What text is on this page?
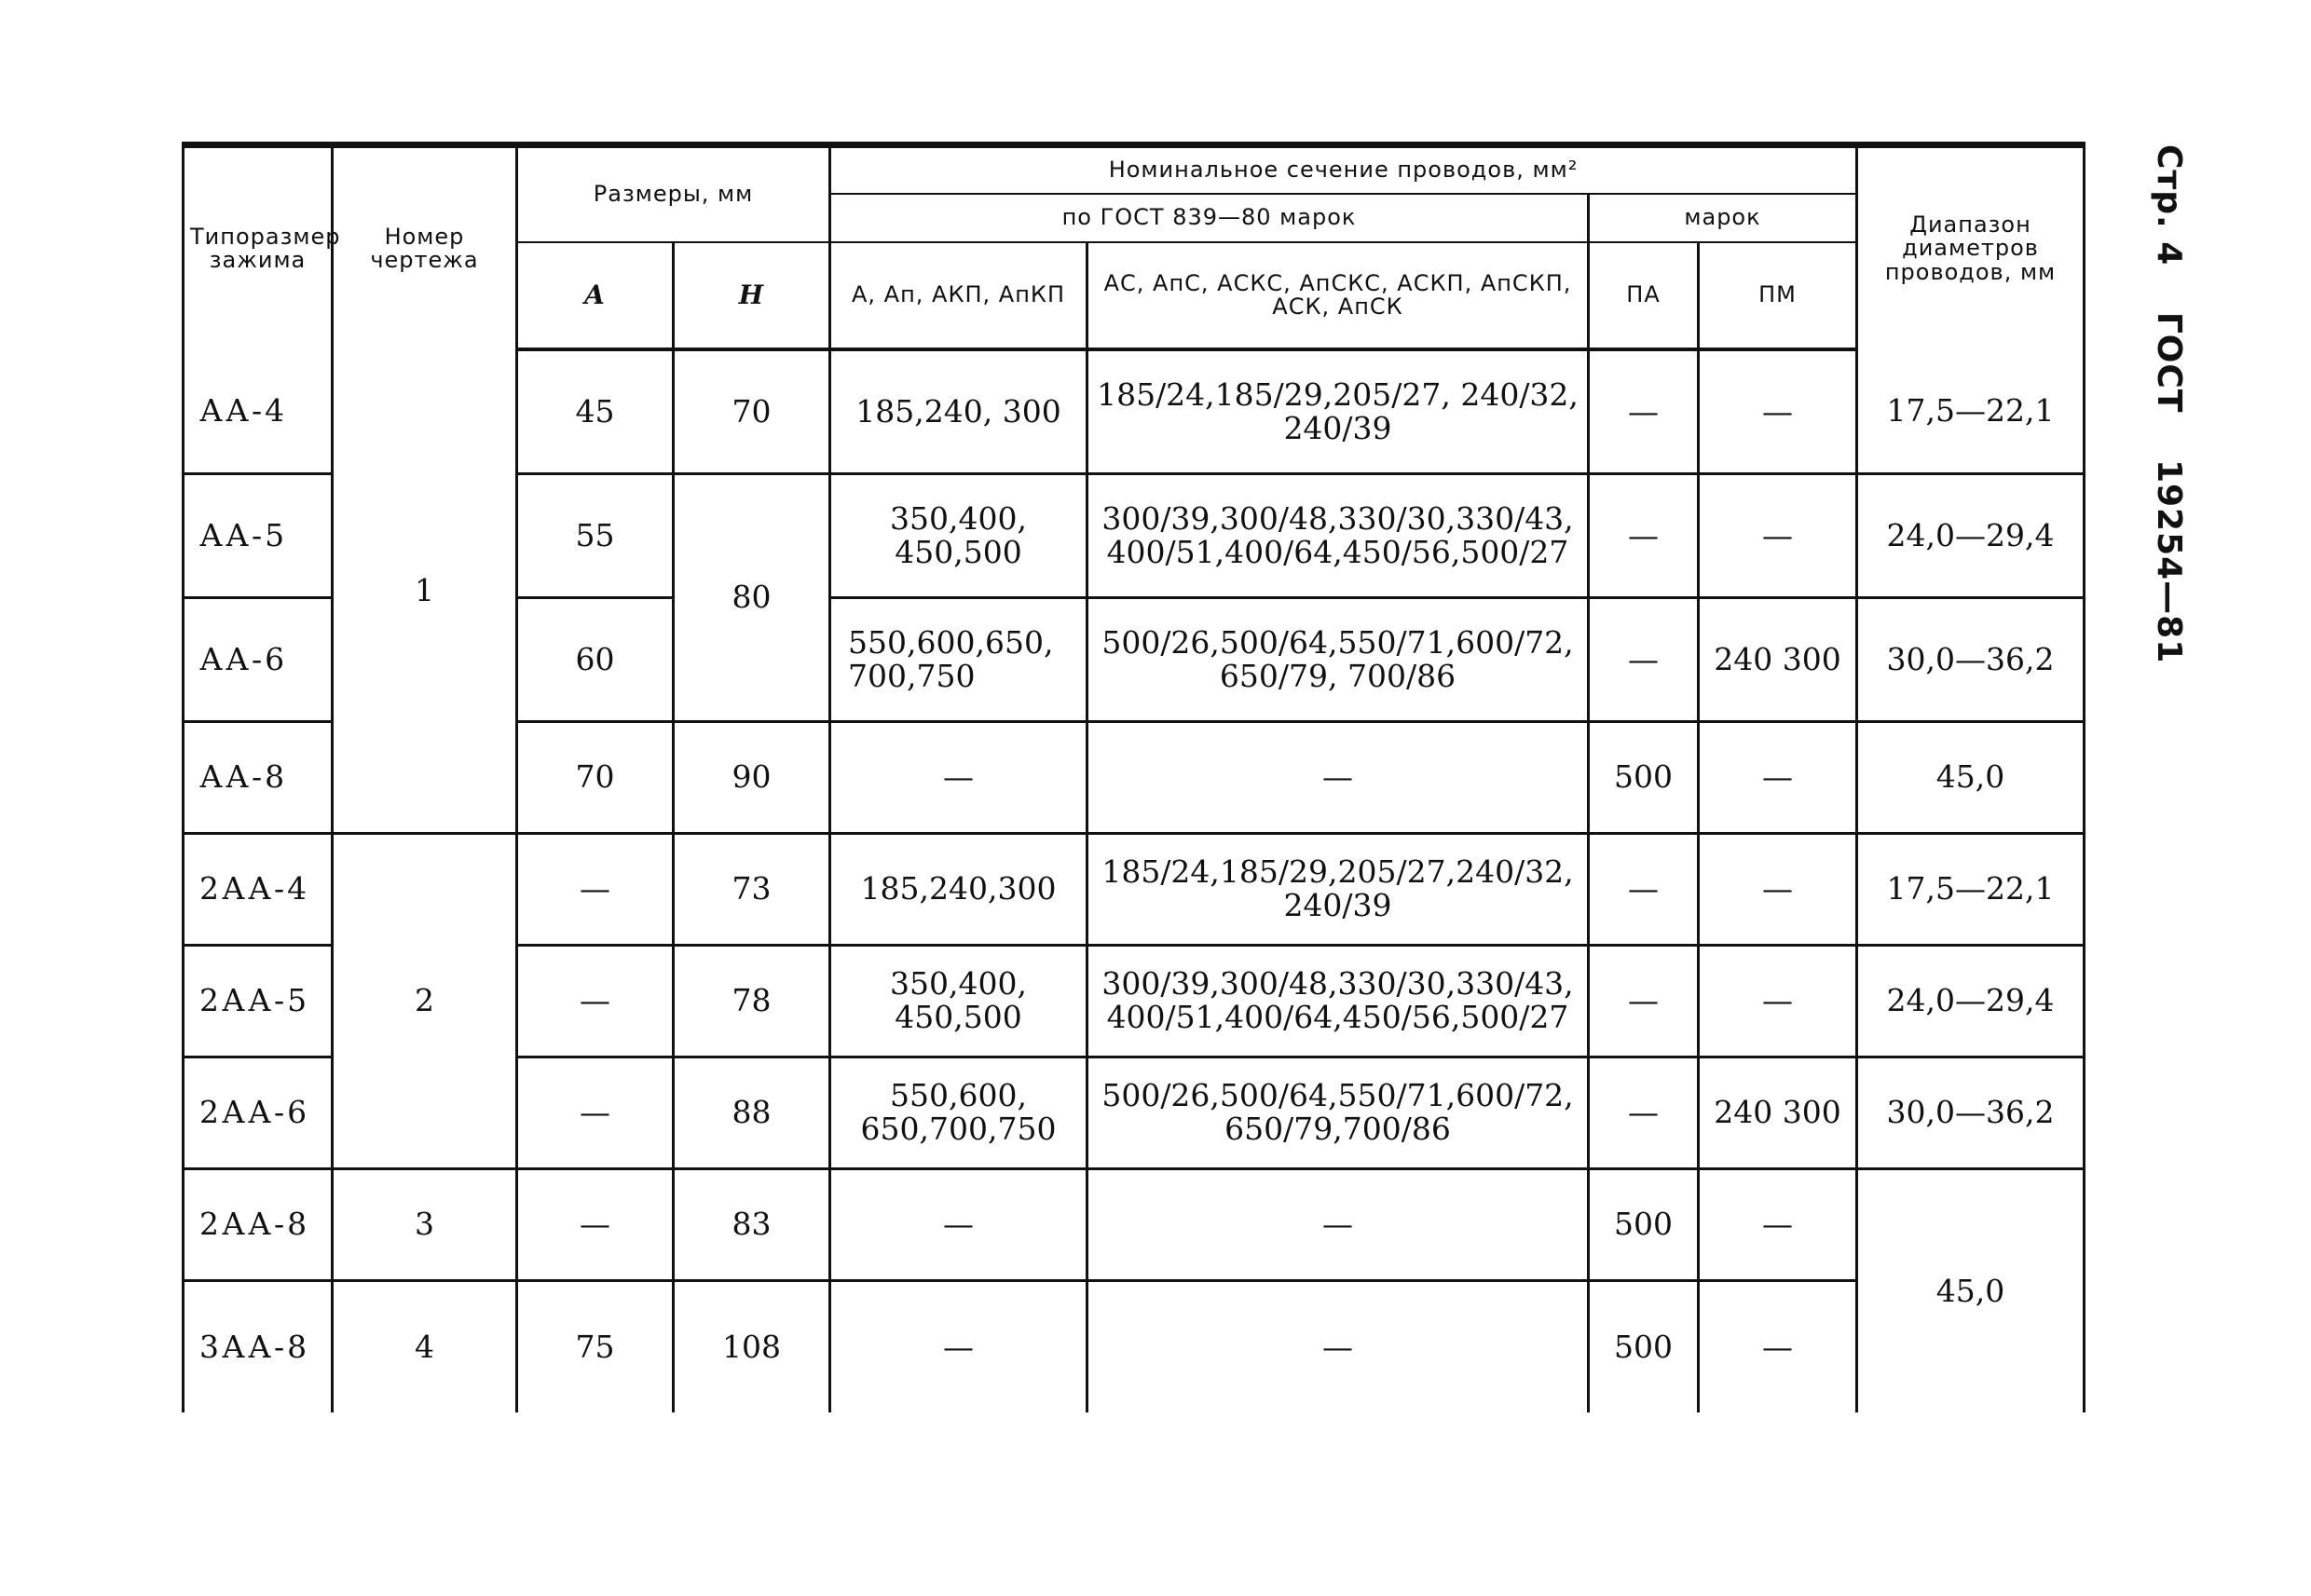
Типоразмер зажима	Номер чертежа	Размеры, мм		Номинальное сечение проводов, мм²				Диапазон диаметров проводов, мм
				по ГОСТ 839—80 марок		марок		
		A	H	А, Ап, АКП, АпКП	АС, АпС, АСКС, АпСКС, АСКП, АпСКП, АСК, АпСК	ПА	ПМ	
АА-4	1	45	70	185,240, 300	185/24,185/29,205/27, 240/32, 240/39	—	—	17,5—22,1
АА-5		55	80	350,400, 450,500	300/39,300/48,330/30,330/43, 400/51,400/64,450/56,500/27	—	—	24,0—29,4
АА-6		60		550,600,650, 700,750	500/26,500/64,550/71,600/72, 650/79, 700/86	—	240 300	30,0—36,2
АА-8		70	90	—	—	500	—	45,0
2АА-4	2	—	73	185,240,300	185/24,185/29,205/27,240/32, 240/39	—	—	17,5—22,1
2АА-5		—	78	350,400, 450,500	300/39,300/48,330/30,330/43, 400/51,400/64,450/56,500/27	—	—	24,0—29,4
2АА-6		—	88	550,600, 650,700,750	500/26,500/64,550/71,600/72, 650/79,700/86	—	240 300	30,0—36,2
2АА-8	3	—	83	—	—	500	—	45,0
3АА-8	4	75	108	—	—	500	—	
Стр. 4 ГОСТ 19254—81
